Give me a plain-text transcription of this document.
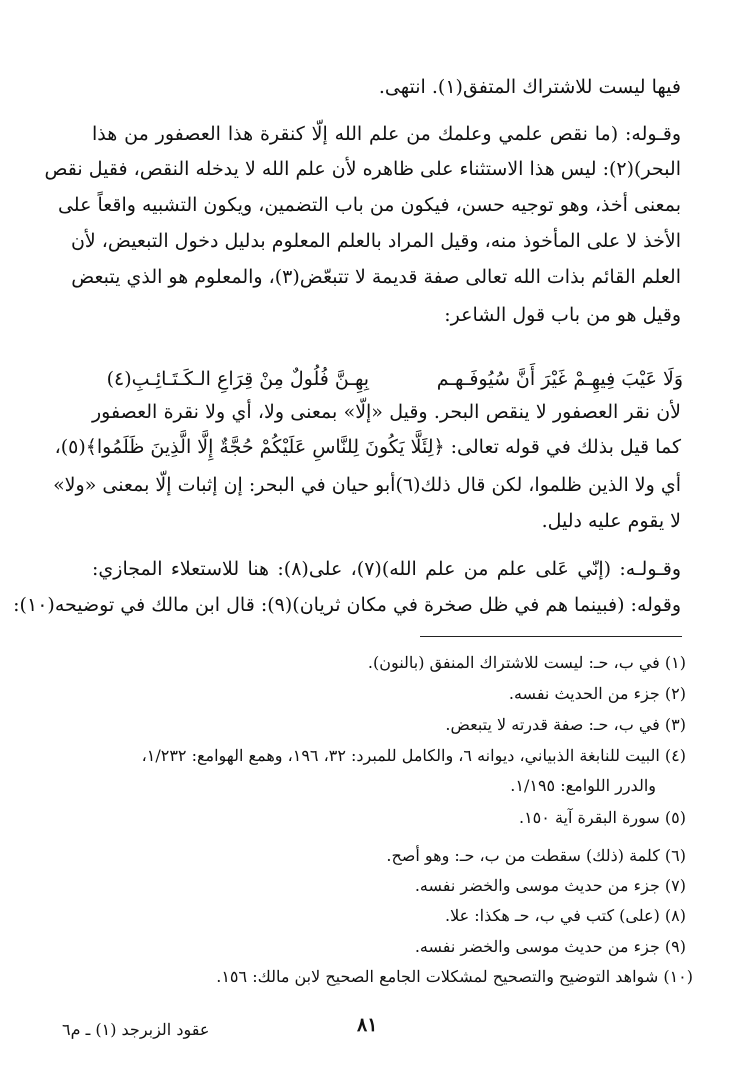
فيها ليست للاشتراك المتفق(١). انتهى.
وقـوله: (ما نقص علمي وعلمك من علم الله إلّا كنقرة هذا العصفور من هذا
البحر)(٢): ليس هذا الاستثناء على ظاهره لأن علم الله لا يدخله النقص، فقيل نقص
بمعنى أخذ، وهو توجيه حسن، فيكون من باب التضمين، ويكون التشبيه واقعاً على
الأخذ لا على المأخوذ منه، وقيل المراد بالعلم المعلوم بدليل دخول التبعيض، لأن
العلم القائم بذات الله تعالى صفة قديمة لا تتبعّض(٣)، والمعلوم هو الذي يتبعض
وقيل هو من باب قول الشاعر:
وَلَا عَيْبَ فِيهِـمْ غَيْرَ أَنَّ سُيُوفَـهـم
بِهِـنَّ فُلُولٌ مِنْ قِرَاعِ الـكَـتَـائِـبِ(٤)
لأن نقر العصفور لا ينقص البحر. وقيل «إلّا» بمعنى ولا، أي ولا نقرة العصفور
كما قيل بذلك في قوله تعالى: ﴿لِئَلَّا يَكُونَ لِلنَّاسِ عَلَيْكُمْ حُجَّةٌ إِلَّا الَّذِينَ ظَلَمُوا﴾(٥)،
أي ولا الذين ظلموا، لكن قال ذلك(٦)أبو حيان في البحر: إن إثبات إلّا بمعنى «ولا»
لا يقوم عليه دليل.
وقـولـه: (إنّي عَلى علم من علم الله)(٧)، على(٨): هنا للاستعلاء المجازي:
وقوله: (فبينما هم في ظل صخرة في مكان ثريان)(٩): قال ابن مالك في توضيحه(١٠):
(١) في ب، حـ: ليست للاشتراك المنفق (بالنون).
(٢) جزء من الحديث نفسه.
(٣) في ب، حـ: صفة قدرته لا يتبعض.
(٤) البيت للنابغة الذبياني، ديوانه ٦، والكامل للمبرد: ٣٢، ١٩٦، وهمع الهوامع: ١/٢٣٢،
والدرر اللوامع: ١/١٩٥.
(٥) سورة البقرة آية ١٥٠.
(٦) كلمة (ذلك) سقطت من ب، حـ: وهو أصح.
(٧) جزء من حديث موسى والخضر نفسه.
(٨) (على) كتب في ب، حـ هكذا: علا.
(٩) جزء من حديث موسى والخضر نفسه.
(١٠) شواهد التوضيح والتصحيح لمشكلات الجامع الصحيح لابن مالك: ١٥٦.
٨١
عقود الزبرجد (١) ـ م٦
